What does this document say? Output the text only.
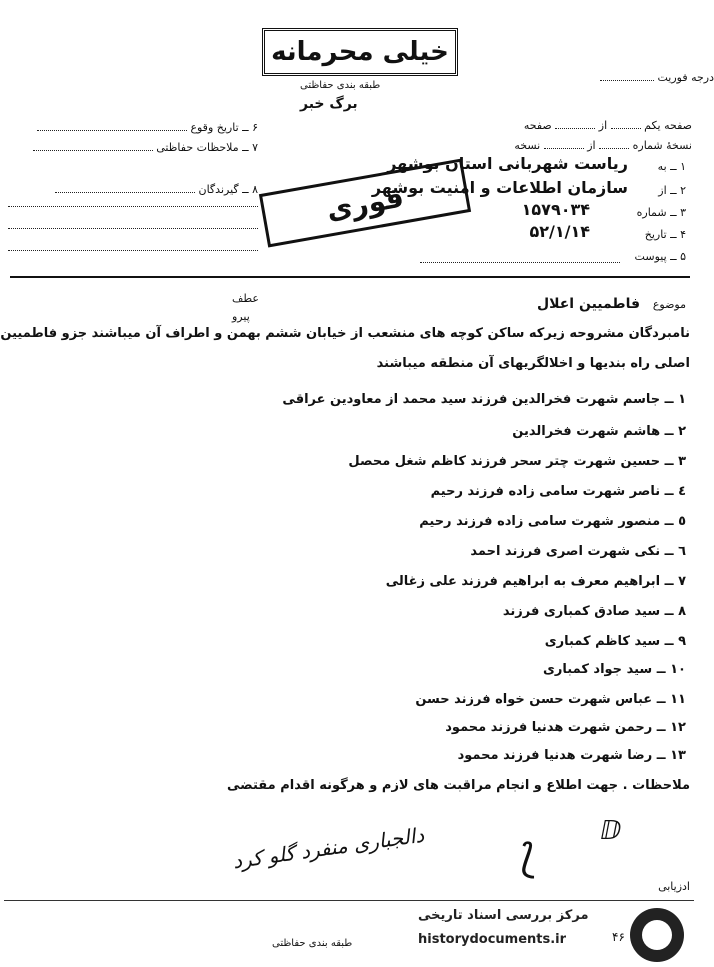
خیلی محرمانه
طبقه بندی حفاظتی
درجه فوریت
برگ خبر
۶ ــ تاریخ وقوع
۷ ــ ملاحظات حفاظتی
۸ ــ گیرندگان
صفحه یکم  از  صفحه
نسخهٔ شماره  از  نسخه
۱ ــ به
ریاست شهربانی استان بوشهر
۲ ــ از
سازمان اطلاعات و امنیت بوشهر
۳ ــ شماره
۱۵۷۹۰۳۴
۴ ــ تاریخ
۵۲/۱/۱۴
۵ ــ پیوست
فوری
عطف
پیرو
موضوع
فاطمیین اعلال
نامبردگان مشروحه زیرکه ساکن کوچه های منشعب از خیابان ششم بهمن و اطراف آن میباشند جزو فاطمیین
اصلی راه بندیها و اخلالگریهای آن منطقه میباشند
۱ ــ جاسم شهرت فخرالدین فرزند سید محمد از معاودین عراقی
۲ ــ هاشم شهرت فخرالدین
۳ ــ حسین شهرت چتر سحر فرزند کاظم شغل محصل
٤ ــ ناصر شهرت سامی زاده فرزند رحیم
٥ ــ منصور شهرت سامی زاده فرزند رحیم
٦ ــ نکی شهرت اصری فرزند احمد
۷ ــ ابراهیم معرف به ابراهیم فرزند علی زغالی
۸ ــ سید صادق کمباری فرزند
۹ ــ سید کاظم کمباری
۱۰ ــ سید جواد کمباری
۱۱ ــ عباس شهرت حسن خواه فرزند حسن
۱۲ ــ رحمن شهرت هدنیا فرزند محمود
۱۳ ــ رضا شهرت هدنیا فرزند محمود
ملاحظات . جهت اطلاع و انجام مراقبت های لازم و هرگونه اقدام مقتضی
ⅅ
⟆
دالجباری منفرد گلو کرد
ادزیابی
طبقه بندی حفاظتی	۴۶
مرکز بررسی اسناد تاریخی
historydocuments.ir
